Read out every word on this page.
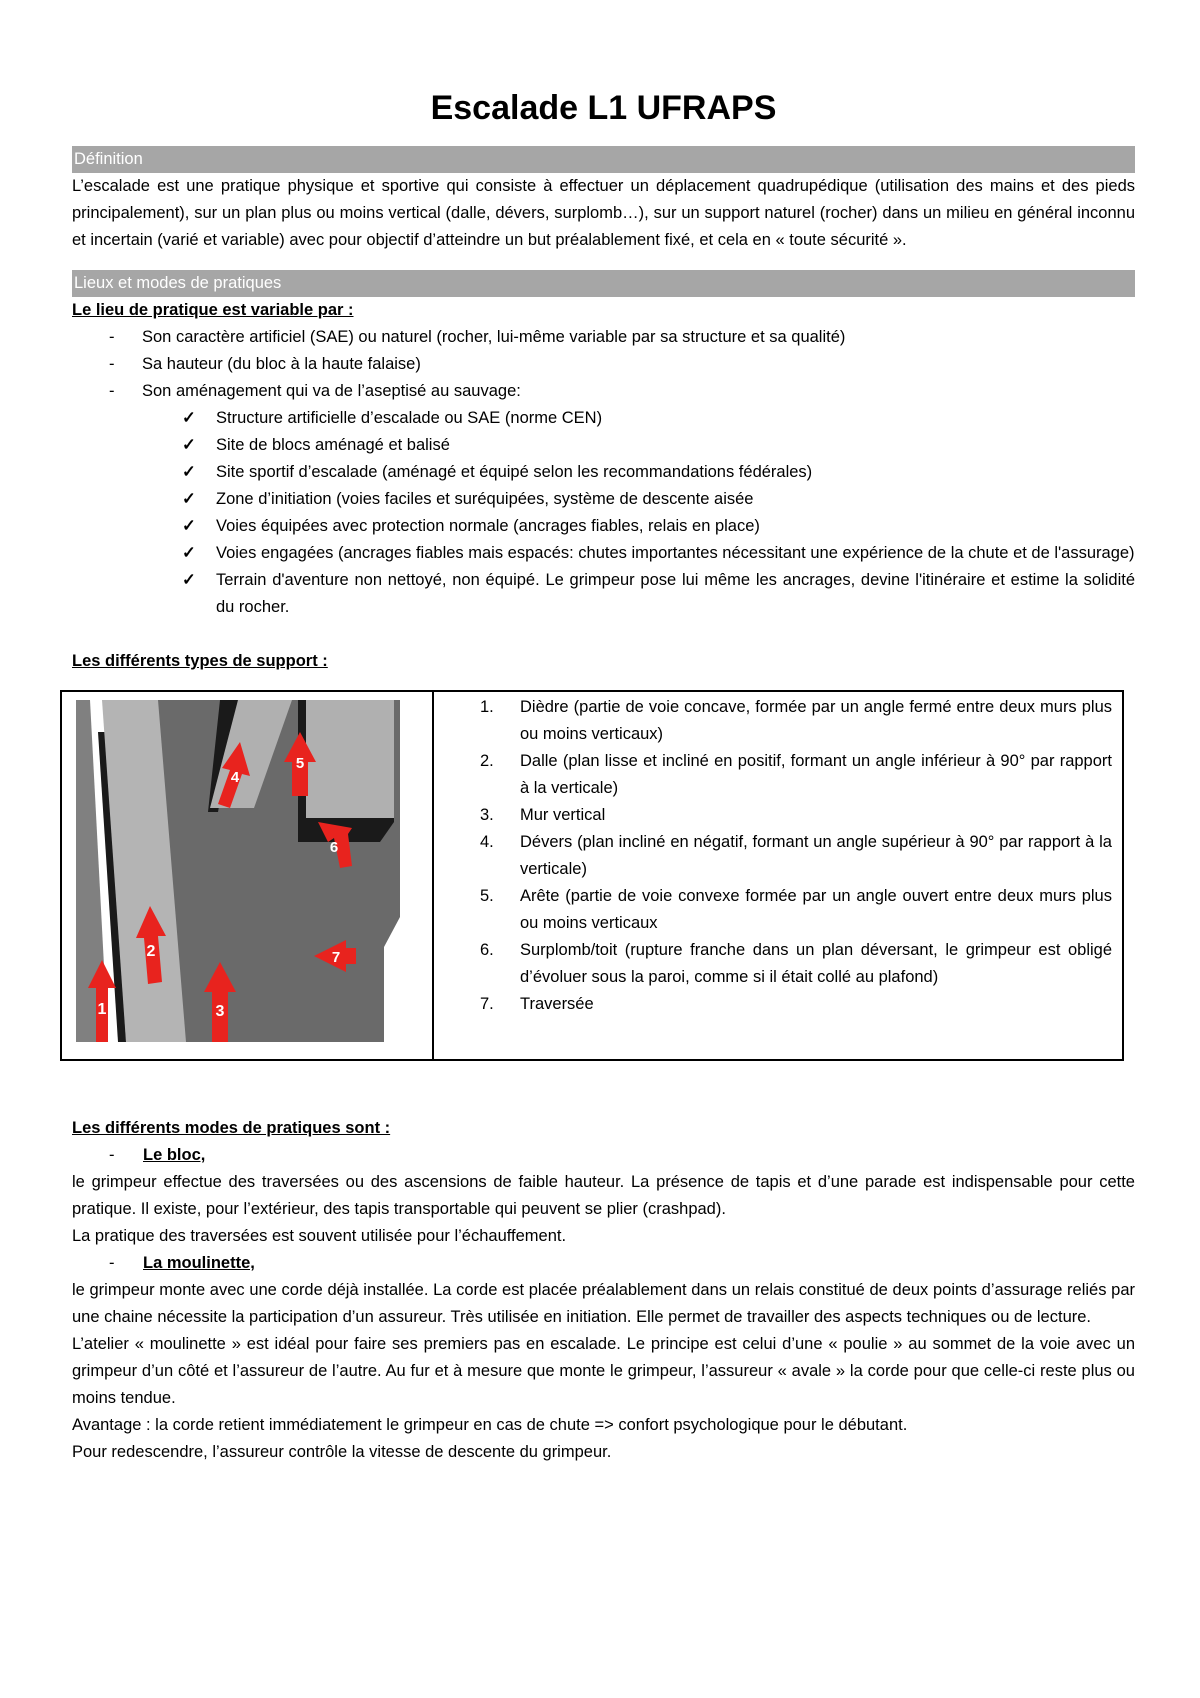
Escalade L1 UFRAPS
Définition

L’escalade est une pratique physique et sportive qui consiste à effectuer un déplacement quadrupédique (utilisation des mains et des pieds principalement), sur un plan plus ou moins vertical (dalle, dévers, surplomb…), sur un support naturel (rocher) dans un milieu en général inconnu et incertain (varié et variable) avec pour objectif d’atteindre un but préalablement fixé, et cela en « toute sécurité ».

Lieux et modes de pratiques
Le lieu de pratique est variable par :
- Son caractère artificiel (SAE) ou naturel (rocher, lui-même variable par sa structure et sa qualité)
- Sa hauteur (du bloc à la haute falaise)
- Son aménagement qui va de l’aseptisé au sauvage:
✓ Structure artificielle d’escalade ou SAE (norme CEN)
✓ Site de blocs aménagé et balisé
✓ Site sportif d’escalade (aménagé et équipé selon les recommandations fédérales)
✓ Zone d’initiation (voies faciles et suréquipées, système de descente aisée
✓ Voies équipées avec protection normale (ancrages fiables, relais en place)
✓ Voies engagées (ancrages fiables mais espacés: chutes importantes nécessitant une expérience de la chute et de l'assurage)
✓ Terrain d'aventure non nettoyé, non équipé. Le grimpeur pose lui même les ancrages, devine l'itinéraire et estime la solidité du rocher.
Les différents types de support :
1
2
3
4
5
6
7

1. Dièdre (partie de voie concave, formée par un angle fermé entre deux murs plus ou moins verticaux)
2. Dalle (plan lisse et incliné en positif, formant un angle inférieur à 90° par rapport à la verticale)
3. Mur vertical
4. Dévers (plan incliné en négatif, formant un angle supérieur à 90° par rapport à la verticale)
5. Arête (partie de voie convexe formée par un angle ouvert entre deux murs plus ou moins verticaux
6. Surplomb/toit (rupture franche dans un plan déversant, le grimpeur est obligé d’évoluer sous la paroi, comme si il était collé au plafond)
7. Traversée
Les différents modes de pratiques sont :
- Le bloc,

le grimpeur effectue des traversées ou des ascensions de faible hauteur. La présence de tapis et d’une parade est indispensable pour cette pratique. Il existe, pour l’extérieur, des tapis transportable qui peuvent se plier (crashpad).

La pratique des traversées est souvent utilisée pour l’échauffement.

- La moulinette,

le grimpeur monte avec une corde déjà installée. La corde est placée préalablement dans un relais constitué de deux points d’assurage reliés par une chaine nécessite la participation d’un assureur. Très utilisée en initiation. Elle permet de travailler des aspects techniques ou de lecture.

L’atelier « moulinette » est idéal pour faire ses premiers pas en escalade. Le principe est celui d’une « poulie » au sommet de la voie avec un grimpeur d’un côté et l’assureur de l’autre. Au fur et à mesure que monte le grimpeur, l’assureur « avale » la corde pour que celle-ci reste plus ou moins tendue.

Avantage : la corde retient immédiatement le grimpeur en cas de chute => confort psychologique pour le débutant.

Pour redescendre, l’assureur contrôle la vitesse de descente du grimpeur.
